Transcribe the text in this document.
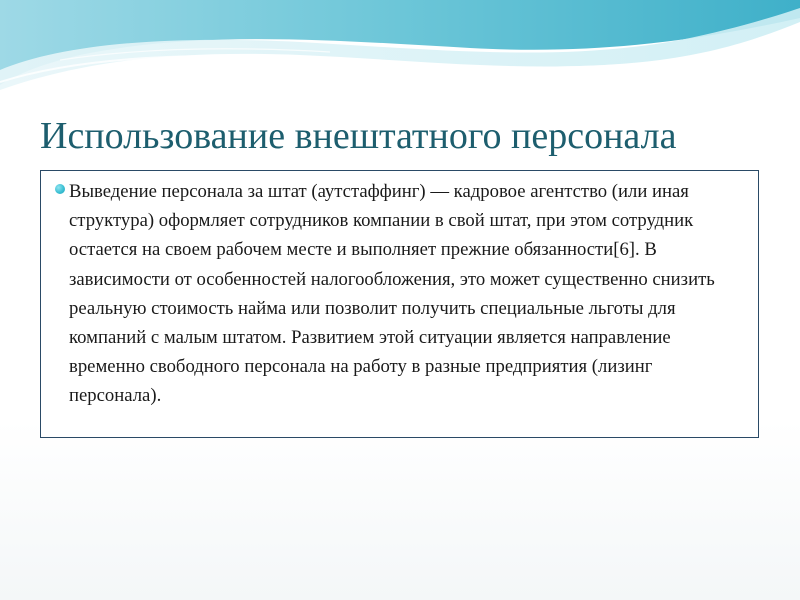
Использование внештатного персонала

Выведение персонала за штат (аутстаффинг) — кадровое агентство (или иная структура) оформляет сотрудников компании в свой штат, при этом сотрудник остается на своем рабочем месте и выполняет прежние обязанности[6]. В зависимости от особенностей налогообложения, это может существенно снизить реальную стоимость найма или позволит получить специальные льготы для компаний с малым штатом. Развитием этой ситуации является направление временно свободного персонала на работу в разные предприятия (лизинг персонала).
